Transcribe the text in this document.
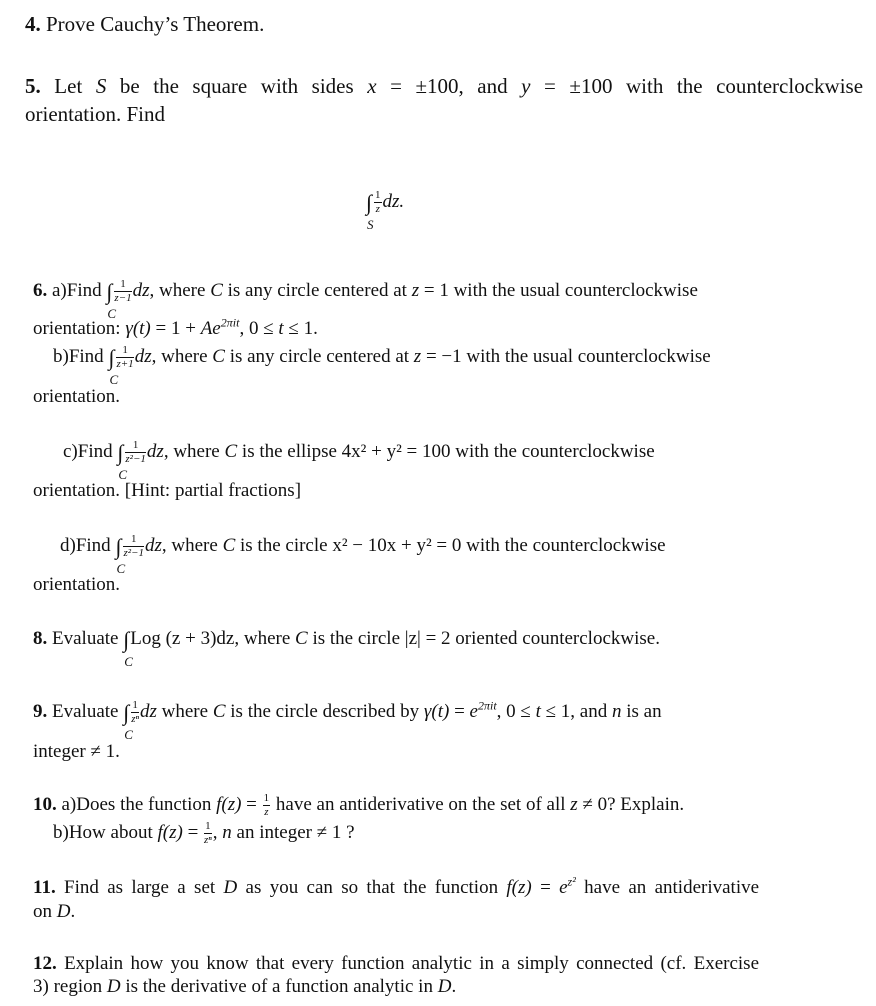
4. Prove Cauchy’s Theorem.
5. Let S be the square with sides x = ±100, and y = ±100 with the counterclockwise
orientation. Find
∫
S
$\frac{1}{z}$ dz.
6. a)Find ∫
C
$\frac{1}{z-1}$ dz, where C is any circle centered at z = 1 with the usual counterclockwise
orientation: $\gamma(t) = 1 + Ae^{2\pi it}$, 0 ≤ t ≤ 1.
b)Find ∫
C
$\frac{1}{z+1}$ dz, where C is any circle centered at z = −1 with the usual counterclockwise
orientation.
c)Find ∫
C
$\frac{1}{\text{z²−1}}$ dz, where C is the ellipse 4x² + y² = 100 with the counterclockwise
orientation. [Hint: partial fractions]
d)Find ∫
C
$\frac{1}{\text{z²−1}}$ dz, where C is the circle x² − 10x + y² = 0 with the counterclockwise
orientation.
8. Evaluate ∫
C
Log (z + 3)dz, where C is the circle |z| = 2 oriented counterclockwise.
9. Evaluate ∫
C
$\frac{1}{\text{zⁿ}}$ dz where C is the circle described by $\gamma(t) = e^{2\pi it}$, 0 ≤ t ≤ 1, and n is an
integer ≠ 1.
10. a)Does the function $f(z) = \frac{1}{z}$ have an antiderivative on the set of all z ≠ 0? Explain.
b)How about $f(z) = \frac{1}{\text{zⁿ}}$ , n an integer ≠ 1 ?
11. Find as large a set D as you can so that the function $f(z) = e^{z^2}$ have an antiderivative
on D.
12. Explain how you know that every function analytic in a simply connected (cf. Exercise
3) region D is the derivative of a function analytic in D.
